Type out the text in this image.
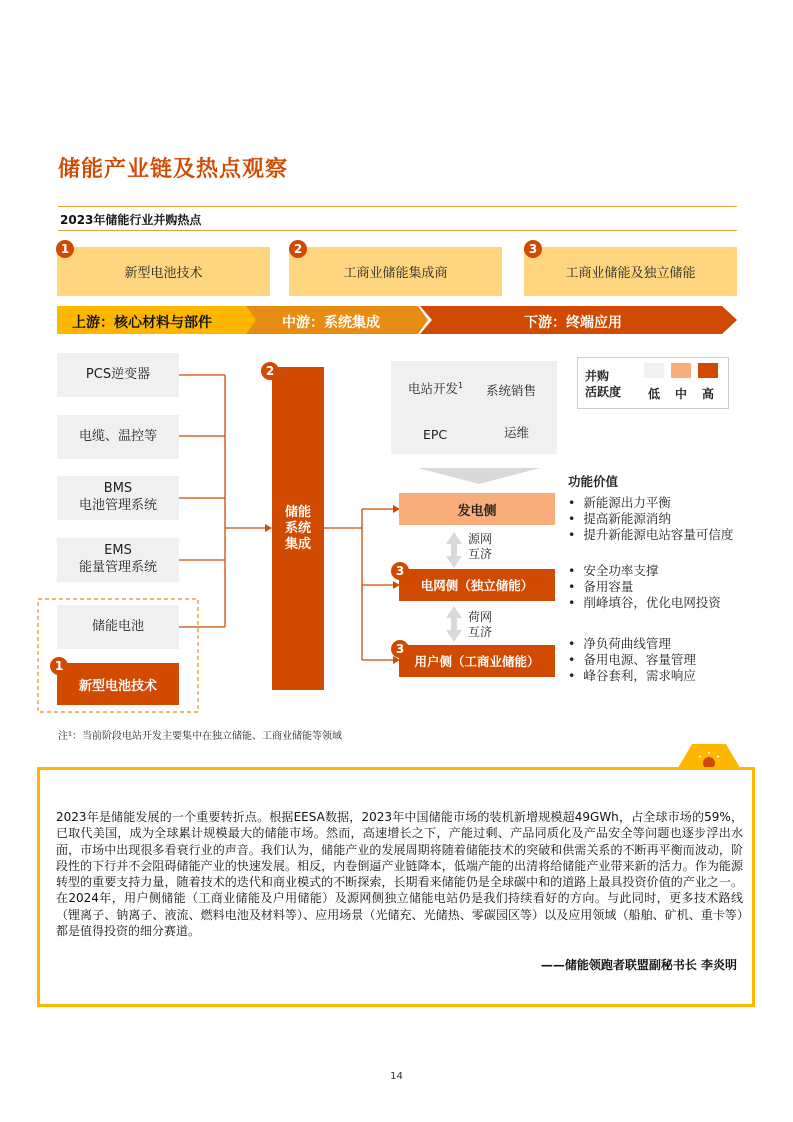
储能产业链及热点观察
2023年储能行业并购热点
新型电池技术
1
工商业储能集成商
2
工商业储能及独立储能
3
上游：核心材料与部件	中游：系统集成	下游：终端应用
PCS逆变器
电缆、温控等
BMS
电池管理系统
EMS
能量管理系统
储能电池
新型电池技术
1
储能
系统
集成
2
电站开发$^1$ 系统销售
EPC	运维
并购
活跃度 低 中 高
功能价值
发电侧
电网侧（独立储能）
3
用户侧（工商业储能）
3
源网
互济
荷网
互济
• 新能源出力平衡
• 提高新能源消纳
• 提升新能源电站容量可信度
• 安全功率支撑
• 备用容量
• 削峰填谷，优化电网投资
• 净负荷曲线管理
• 备用电源、容量管理
• 峰谷套利，需求响应
注¹：当前阶段电站开发主要集中在独立储能、工商业储能等领域
2023年是储能发展的一个重要转折点。根据EESA数据，2023年中国储能市场的装机新增规模超49GWh，占全球市场的59%，已取代美国，成为全球累计规模最大的储能市场。然而，高速增长之下，产能过剩、产品同质化及产品安全等问题也逐步浮出水面，市场中出现很多看衰行业的声音。我们认为，储能产业的发展周期将随着储能技术的突破和供需关系的不断再平衡而波动，阶段性的下行并不会阻碍储能产业的快速发展。相反，内卷倒逼产业链降本，低端产能的出清将给储能产业带来新的活力。作为能源转型的重要支持力量，随着技术的迭代和商业模式的不断探索，长期看来储能仍是全球碳中和的道路上最具投资价值的产业之一。在2024年，用户侧储能（工商业储能及户用储能）及源网侧独立储能电站仍是我们持续看好的方向。与此同时，更多技术路线（锂离子、钠离子、液流、燃料电池及材料等）、应用场景（光储充、光储热、零碳园区等）以及应用领域（船舶、矿机、重卡等）都是值得投资的细分赛道。
——储能领跑者联盟副秘书长 李炎明
14
